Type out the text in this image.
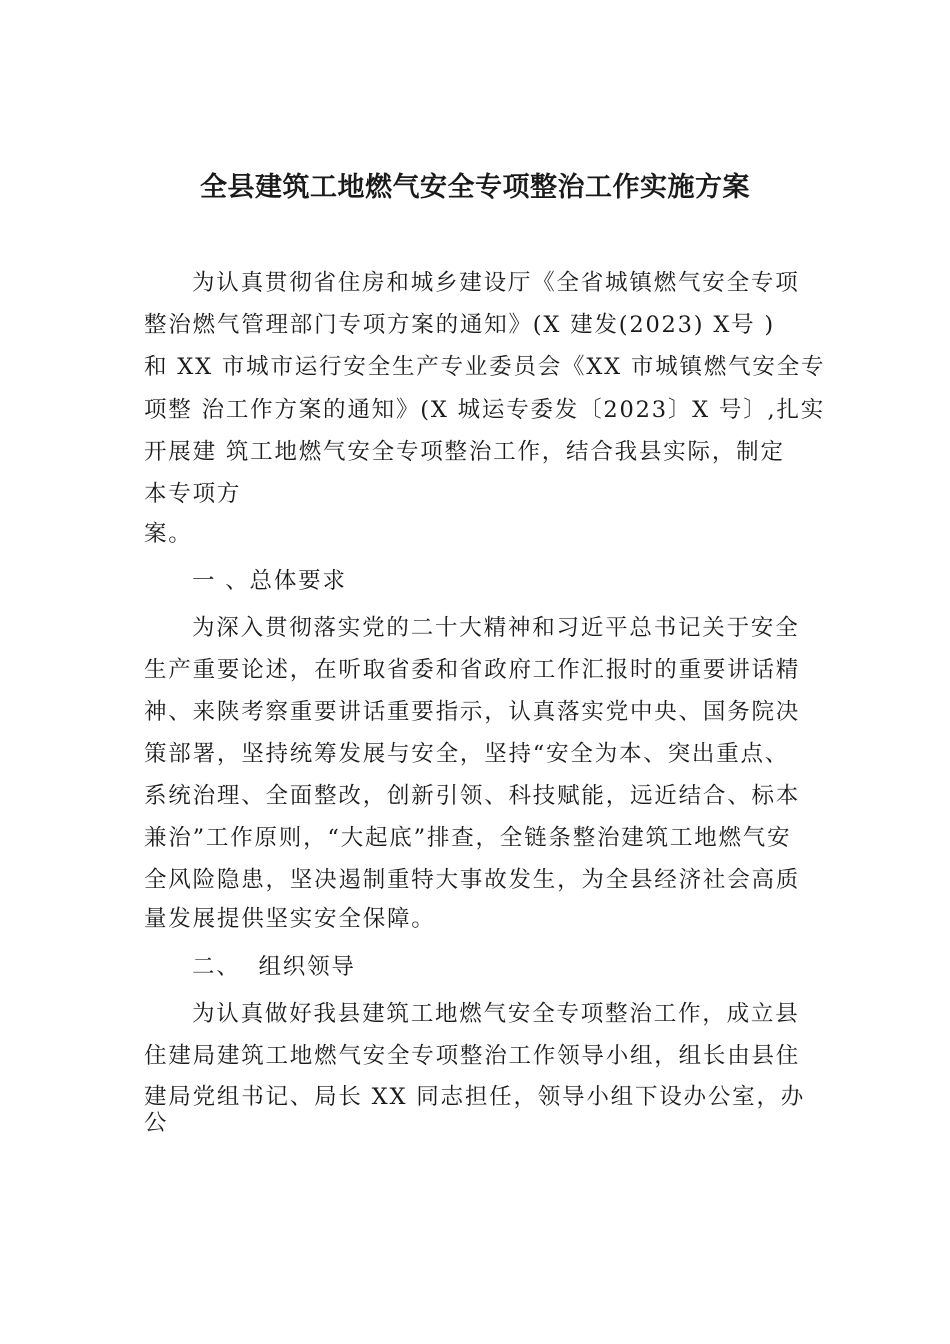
全县建筑工地燃气安全专项整治工作实施方案
为认真贯彻省住房和城乡建设厅《全省城镇燃气安全专项
整治燃气管理部门专项方案的通知》(X 建发(2023) X号 )
和 XX 市城市运行安全生产专业委员会《XX 市城镇燃气安全专
项整 治工作方案的通知》(X 城运专委发〔2023〕X 号〕,扎实
开展建 筑工地燃气安全专项整治工作，结合我县实际，制定
本专项方
案。
一 、总体要求
为深入贯彻落实党的二十大精神和习近平总书记关于安全
生产重要论述，在听取省委和省政府工作汇报时的重要讲话精
神、来陕考察重要讲话重要指示，认真落实党中央、国务院决
策部署，坚持统筹发展与安全，坚持“安全为本、突出重点、
系统治理、全面整改，创新引领、科技赋能，远近结合、标本
兼治”工作原则，“大起底”排查，全链条整治建筑工地燃气安
全风险隐患，坚决遏制重特大事故发生，为全县经济社会高质
量发展提供坚实安全保障。
二、  组织领导
为认真做好我县建筑工地燃气安全专项整治工作，成立县
住建局建筑工地燃气安全专项整治工作领导小组，组长由县住
建局党组书记、局长 XX 同志担任，领导小组下设办公室，办
公
